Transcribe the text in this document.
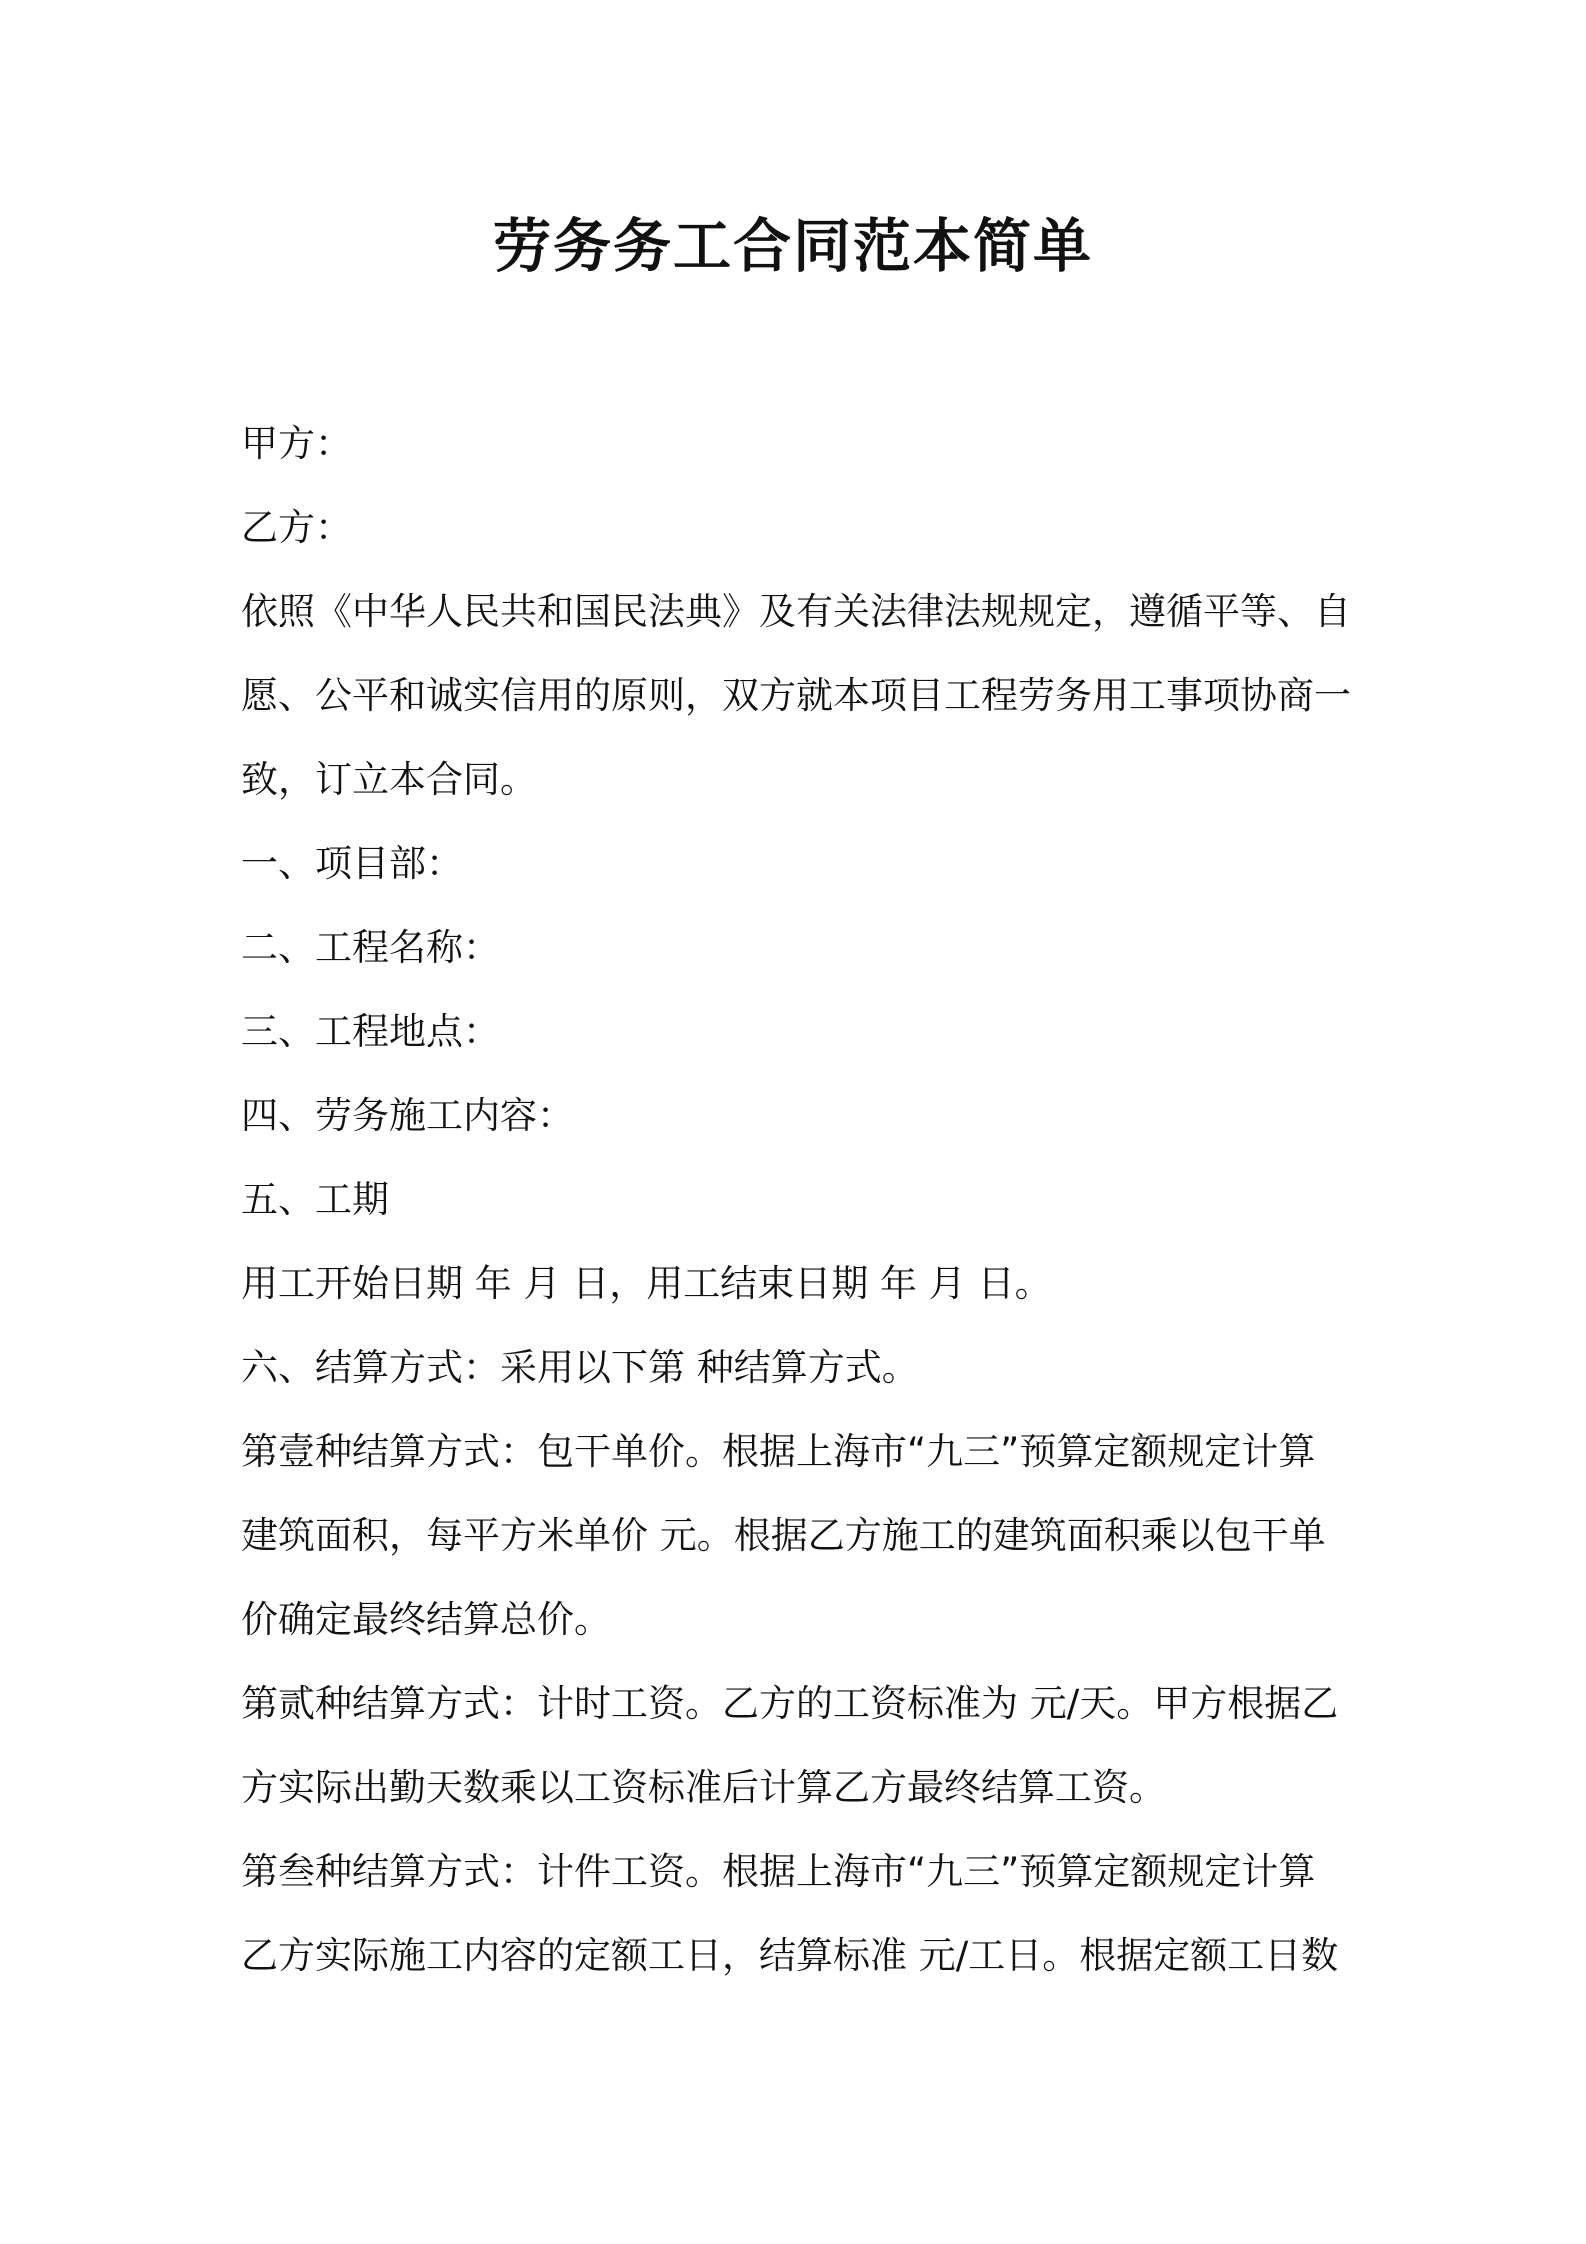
劳务务工合同范本简单
甲方：
乙方：
依照《中华人民共和国民法典》及有关法律法规规定，遵循平等、自
愿、公平和诚实信用的原则，双方就本项目工程劳务用工事项协商一
致，订立本合同。
一、项目部：
二、工程名称：
三、工程地点：
四、劳务施工内容：
五、工期
用工开始日期 年 月 日，用工结束日期 年 月 日。
六、结算方式：采用以下第 种结算方式。
第壹种结算方式：包干单价。根据上海市“九三”预算定额规定计算
建筑面积，每平方米单价 元。根据乙方施工的建筑面积乘以包干单
价确定最终结算总价。
第贰种结算方式：计时工资。乙方的工资标准为 元/天。甲方根据乙
方实际出勤天数乘以工资标准后计算乙方最终结算工资。
第叁种结算方式：计件工资。根据上海市“九三”预算定额规定计算
乙方实际施工内容的定额工日，结算标准 元/工日。根据定额工日数
